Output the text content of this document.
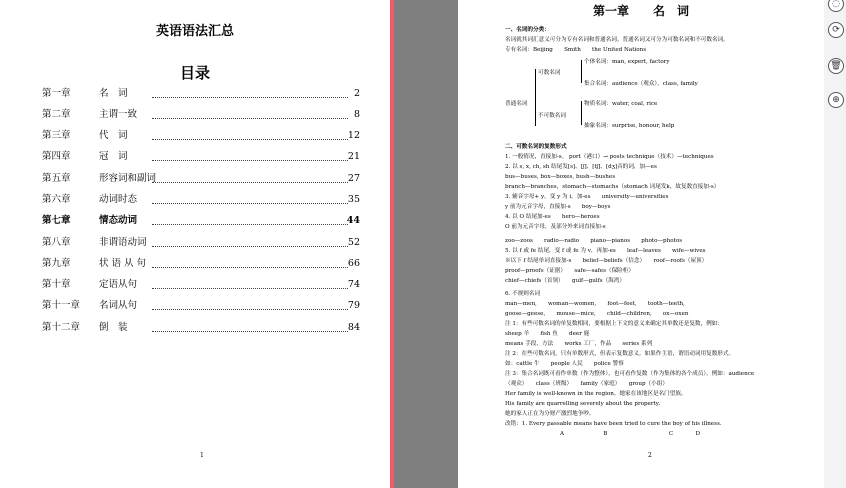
英语语法汇总
目录
第一章	名　词	2
第二章	主谓一致	8
第三章	代　词	12
第四章	冠　词	21
第五章	形容词和副词	27
第六章	动词时态	35
第七章	情态动词	44
第八章	非谓语动词	52
第九章	状 语 从 句	66
第十章	定语从句	74
第十一章 名词从句	79
第十二章 倒　装	84
1
第一章　　名　词
一、名词的分类：
名词就其词汇意义可分为专有名词和普通名词。普通名词又可分为可数名词和不可数名词。
专有名词：Beijing　　Smith　　the United Nations
二、可数名词的复数形式
1. 一般情况，直接加-s。 port（港口）→ posts technique（技术）—techniques
2. 以 s, x, ch, sh 结尾发[s]、[ʃ]、[tʃ]、[dʒ]音的词，加—es
bus—buses, box—boxes, bush—bushes
branch—branches，stomach—stomachs（stomach 词尾发k，故复数直接加-s）
3. 辅音字母+ y，变 y 为 i，加-es　　university—universities
y 前为元音字母，直接加-s　　boy—boys
4. 以 O 结尾加-es　　hero—heroes
O 前为元音字母，及部分外来词直接加-s
zoo—zoos　　radio—radio　　piano—pianos　　photo—photos
5. 以 f 或 fe 结尾，变 f 或 fe 为 v，再加-es　　leaf—leaves　　wife—wives
※以下 f 结尾单词直接加-s　　belief—beliefs（信念）　　roof—roofs（屋顶）
proof—proofs（证据）　　safe—safes（保险柜）
chief—chiefs（首领）　　gulf—gulfs（海湾）
6. 不规则名词
man—men,　　woman—women,　　foot—feet,　　tooth—teeth,
goose—geese,　　mouse—mice,　　child—children,　　ox—oxen
注 1：有些可数名词的单复数相同，要根据上下文的意义来确定其单数还是复数，例如：
sheep 羊　　fish 鱼　　deer 鹿
means 手段，方法　　works 工厂，作品　　series 系列
注 2：在些可数名词，只有单数形式，但表示复数意义。如果作主语，谓语动词用复数形式。
如：cattle 牛　　people 人民　　police 警察
注 3：集合名词既可看作单数（作为整体），也可看作复数（作为集体的各个成员）。例如：audience
（观众）　　class（班级）　　family（家庭）　　group（小组）
Her family is well-known in the region。她家在该地区是名门望族。
His family are quarrelling severely about the property.
她的家人正在为分财产激烈地争吵。
改错：1. Every passable means have been tried to cure the boy of his illness.
A　　　　　　　B　　　　　　　　　　　C　　　　D
普通名词
可数名词
不可数名词
个体名词：man, expert, factory
集合名词：audience（观众），class, family
物质名词：water, coal, rice
抽象名词：surprise, honour, help
2
◌
⟳
🗑
⊕
